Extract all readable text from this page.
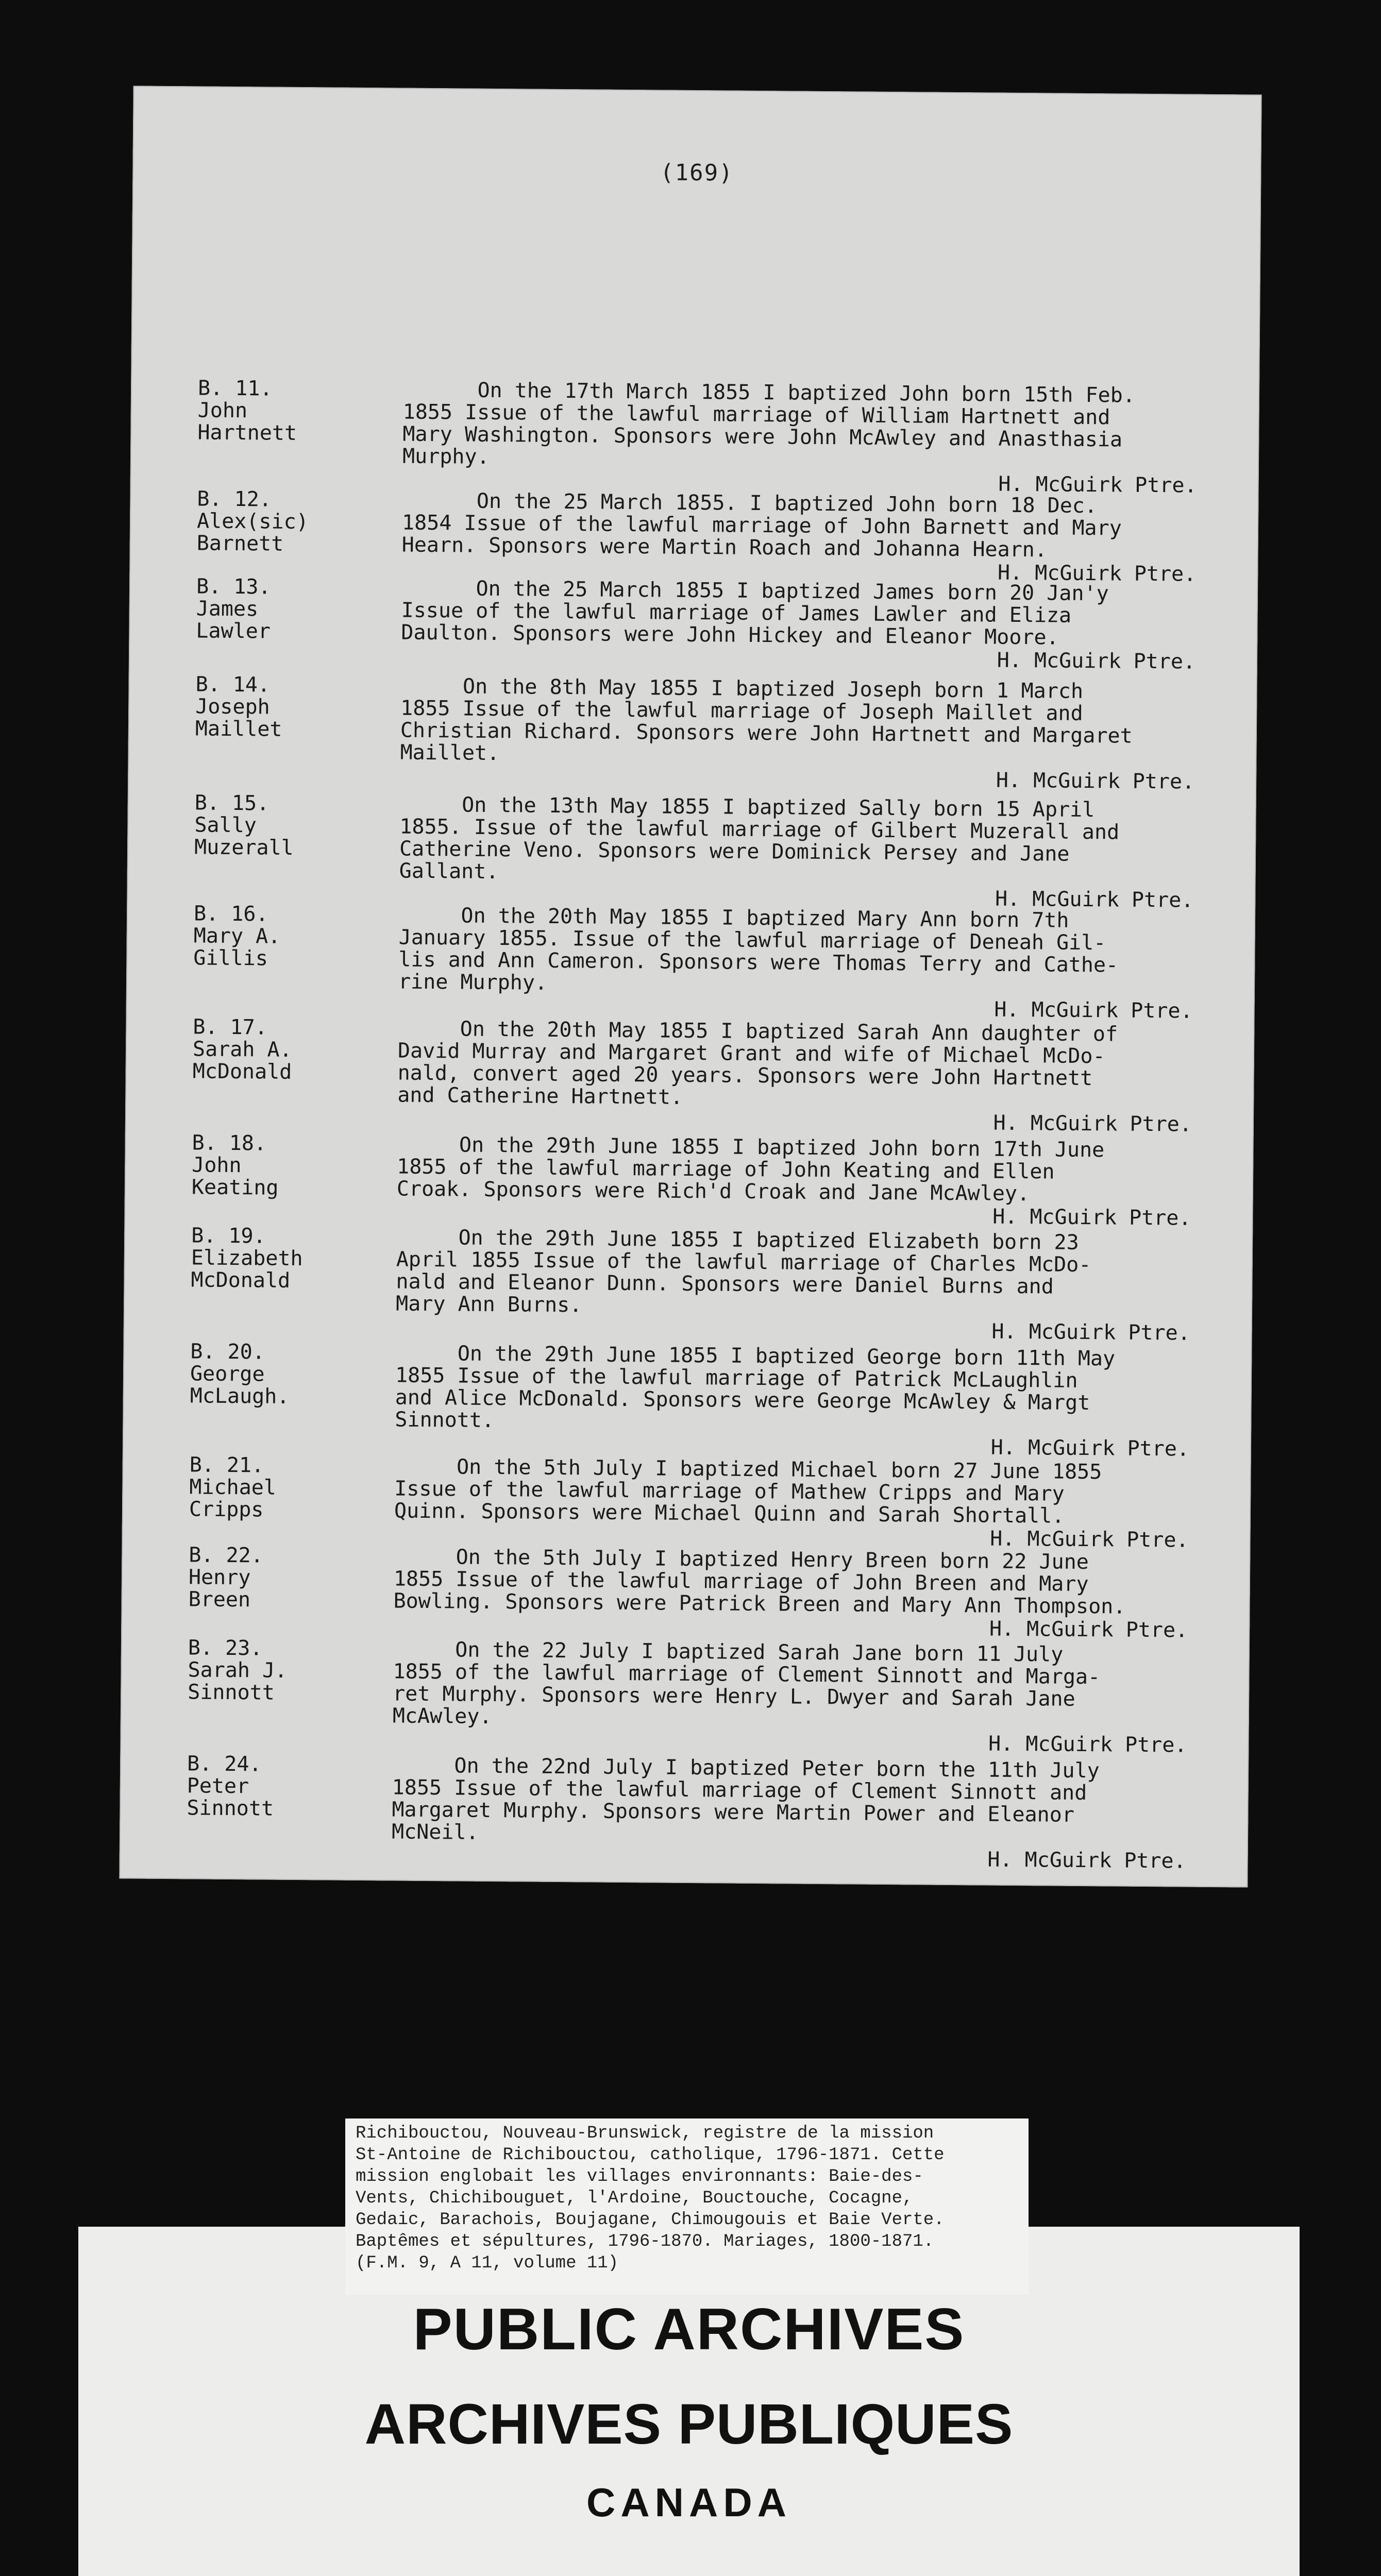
(169)
B. 11.
John
Hartnett
On the 17th March 1855 I baptized John born 15th Feb.
1855 Issue of the lawful marriage of William Hartnett and
Mary Washington. Sponsors were John McAwley and Anasthasia
Murphy.
H. McGuirk Ptre.
B. 12.
Alex(sic)
Barnett
On the 25 March 1855. I baptized John born 18 Dec.
1854 Issue of the lawful marriage of John Barnett and Mary
Hearn. Sponsors were Martin Roach and Johanna Hearn.
H. McGuirk Ptre.
B. 13.
James
Lawler
On the 25 March 1855 I baptized James born 20 Jan'y
Issue of the lawful marriage of James Lawler and Eliza
Daulton. Sponsors were John Hickey and Eleanor Moore.
H. McGuirk Ptre.
B. 14.
Joseph
Maillet
On the 8th May 1855 I baptized Joseph born 1 March
1855 Issue of the lawful marriage of Joseph Maillet and
Christian Richard. Sponsors were John Hartnett and Margaret
Maillet.
H. McGuirk Ptre.
B. 15.
Sally
Muzerall
On the 13th May 1855 I baptized Sally born 15 April
1855. Issue of the lawful marriage of Gilbert Muzerall and
Catherine Veno. Sponsors were Dominick Persey and Jane
Gallant.
H. McGuirk Ptre.
B. 16.
Mary A.
Gillis
On the 20th May 1855 I baptized Mary Ann born 7th
January 1855. Issue of the lawful marriage of Deneah Gil-
lis and Ann Cameron. Sponsors were Thomas Terry and Cathe-
rine Murphy.
H. McGuirk Ptre.
B. 17.
Sarah A.
McDonald
On the 20th May 1855 I baptized Sarah Ann daughter of
David Murray and Margaret Grant and wife of Michael McDo-
nald, convert aged 20 years. Sponsors were John Hartnett
and Catherine Hartnett.
H. McGuirk Ptre.
B. 18.
John
Keating
On the 29th June 1855 I baptized John born 17th June
1855 of the lawful marriage of John Keating and Ellen
Croak. Sponsors were Rich'd Croak and Jane McAwley.
H. McGuirk Ptre.
B. 19.
Elizabeth
McDonald
On the 29th June 1855 I baptized Elizabeth born 23
April 1855 Issue of the lawful marriage of Charles McDo-
nald and Eleanor Dunn. Sponsors were Daniel Burns and
Mary Ann Burns.
H. McGuirk Ptre.
B. 20.
George
McLaugh.
On the 29th June 1855 I baptized George born 11th May
1855 Issue of the lawful marriage of Patrick McLaughlin
and Alice McDonald. Sponsors were George McAwley & Margt
Sinnott.
H. McGuirk Ptre.
B. 21.
Michael
Cripps
On the 5th July I baptized Michael born 27 June 1855
Issue of the lawful marriage of Mathew Cripps and Mary
Quinn. Sponsors were Michael Quinn and Sarah Shortall.
H. McGuirk Ptre.
B. 22.
Henry
Breen
On the 5th July I baptized Henry Breen born 22 June
1855 Issue of the lawful marriage of John Breen and Mary
Bowling. Sponsors were Patrick Breen and Mary Ann Thompson.
H. McGuirk Ptre.
B. 23.
Sarah J.
Sinnott
On the 22 July I baptized Sarah Jane born 11 July
1855 of the lawful marriage of Clement Sinnott and Marga-
ret Murphy. Sponsors were Henry L. Dwyer and Sarah Jane
McAwley.
H. McGuirk Ptre.
B. 24.
Peter
Sinnott
On the 22nd July I baptized Peter born the 11th July
1855 Issue of the lawful marriage of Clement Sinnott and
Margaret Murphy. Sponsors were Martin Power and Eleanor
McNeil.
H. McGuirk Ptre.
Richibouctou, Nouveau-Brunswick, registre de la mission
St-Antoine de Richibouctou, catholique, 1796-1871. Cette
mission englobait les villages environnants: Baie-des-
Vents, Chichibouguet, l'Ardoine, Bouctouche, Cocagne,
Gedaic, Barachois, Boujagane, Chimougouis et Baie Verte.
Baptêmes et sépultures, 1796-1870. Mariages, 1800-1871.
(F.M. 9, A 11, volume 11)
PUBLIC ARCHIVES
ARCHIVES PUBLIQUES
CANADA
